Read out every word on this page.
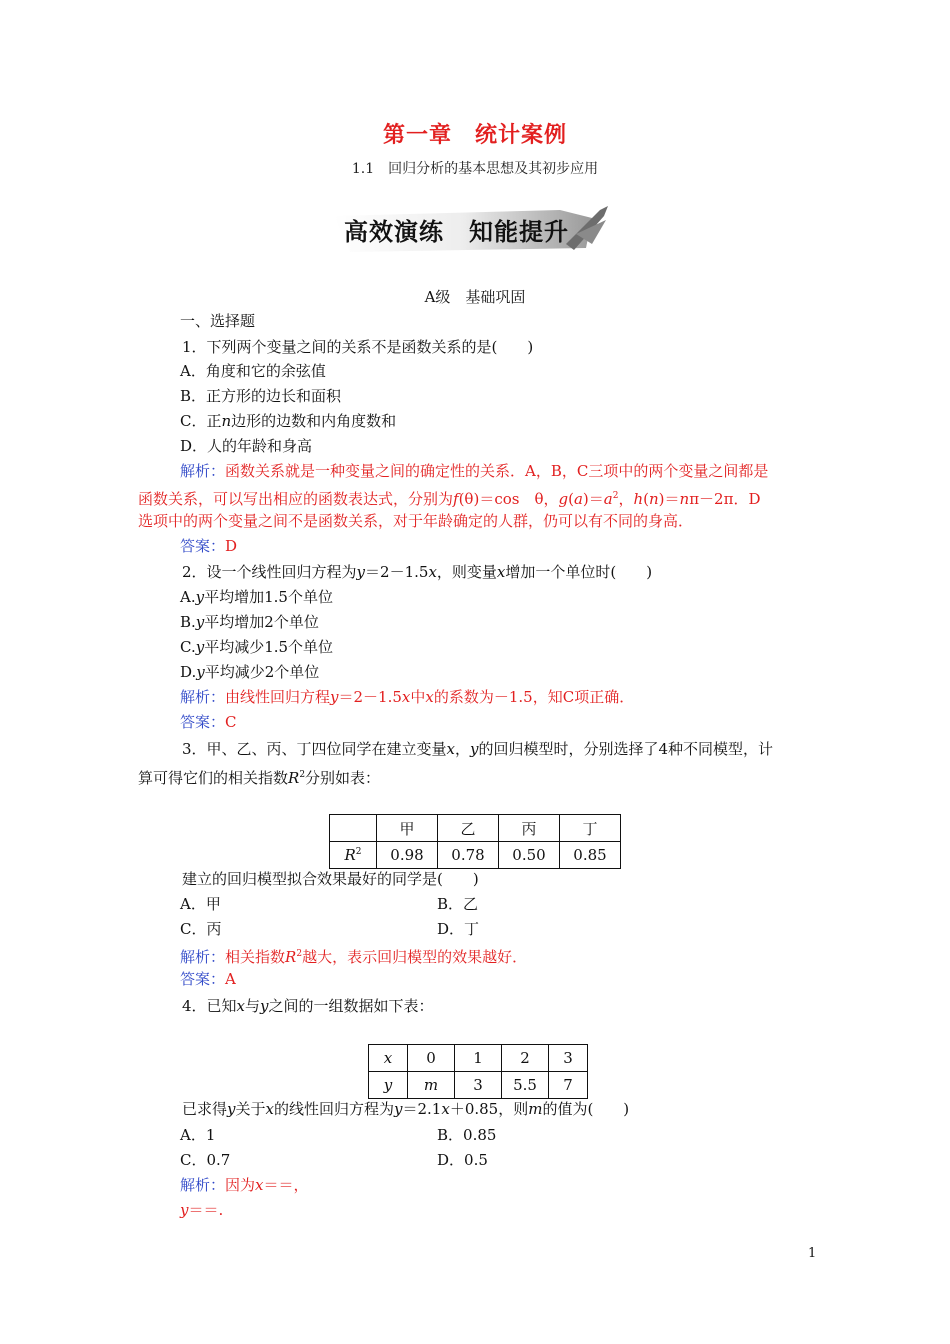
第一章　统计案例
1.1　回归分析的基本思想及其初步应用
高效演练　知能提升
A级　基础巩固
一、选择题
1．下列两个变量之间的关系不是函数关系的是(　　)
A．角度和它的余弦值
B．正方形的边长和面积
C．正n边形的边数和内角度数和
D．人的年龄和身高
解析：函数关系就是一种变量之间的确定性的关系．A，B，C三项中的两个变量之间都是
函数关系，可以写出相应的函数表达式，分别为f(θ)＝cos　θ，$g(a)=a^2$，h(n)＝nπ－2π．D
选项中的两个变量之间不是函数关系，对于年龄确定的人群，仍可以有不同的身高．
答案：D
2．设一个线性回归方程为y＝2－1.5x，则变量x增加一个单位时(　　)
A.y平均增加1.5个单位
B.y平均增加2个单位
C.y平均减少1.5个单位
D.y平均减少2个单位
解析：由线性回归方程y＝2－1.5x中x的系数为－1.5，知C项正确．
答案：C
3．甲、乙、丙、丁四位同学在建立变量x，y的回归模型时，分别选择了4种不同模型，计
算可得它们的相关指数$R^2$分别如表：
	甲	乙	丙	丁
$R^2$	0.98	0.78	0.50	0.85
建立的回归模型拟合效果最好的同学是(　　)
A．甲	B．乙
C．丙	D．丁
解析：相关指数$R^2$越大，表示回归模型的效果越好．
答案：A
4．已知x与y之间的一组数据如下表：
x	0	1	2	3
y	m	3	5.5	7
已求得y关于x的线性回归方程为y＝2.1x＋0.85，则m的值为(　　)
A．1	B．0.85
C．0.7	D．0.5
解析：因为x＝＝，
y＝＝.
1
